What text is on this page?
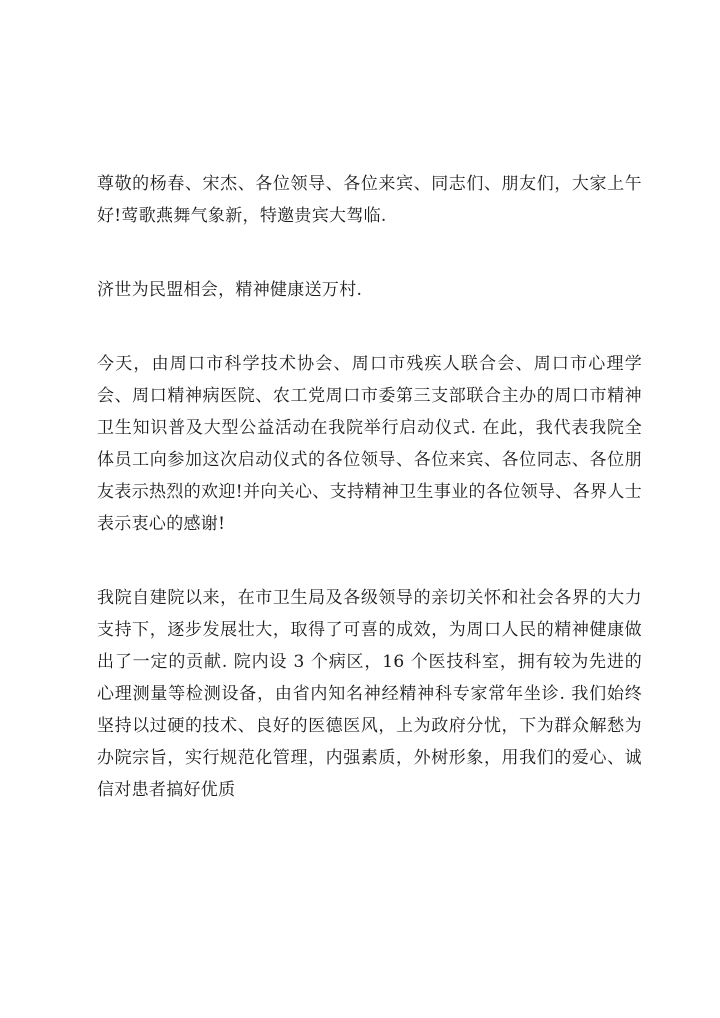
尊敬的杨春、宋杰、各位领导、各位来宾、同志们、朋友们，大家上午好!莺歌燕舞气象新，特邀贵宾大驾临.

济世为民盟相会，精神健康送万村.

今天，由周口市科学技术协会、周口市残疾人联合会、周口市心理学会、周口精神病医院、农工党周口市委第三支部联合主办的周口市精神卫生知识普及大型公益活动在我院举行启动仪式. 在此，我代表我院全体员工向参加这次启动仪式的各位领导、各位来宾、各位同志、各位朋友表示热烈的欢迎!并向关心、支持精神卫生事业的各位领导、各界人士表示衷心的感谢!

我院自建院以来，在市卫生局及各级领导的亲切关怀和社会各界的大力支持下，逐步发展壮大，取得了可喜的成效，为周口人民的精神健康做出了一定的贡献. 院内设 3 个病区，16 个医技科室，拥有较为先进的心理测量等检测设备，由省内知名神经精神科专家常年坐诊. 我们始终坚持以过硬的技术、良好的医德医风，上为政府分忧，下为群众解愁为办院宗旨，实行规范化管理，内强素质，外树形象，用我们的爱心、诚信对患者搞好优质
